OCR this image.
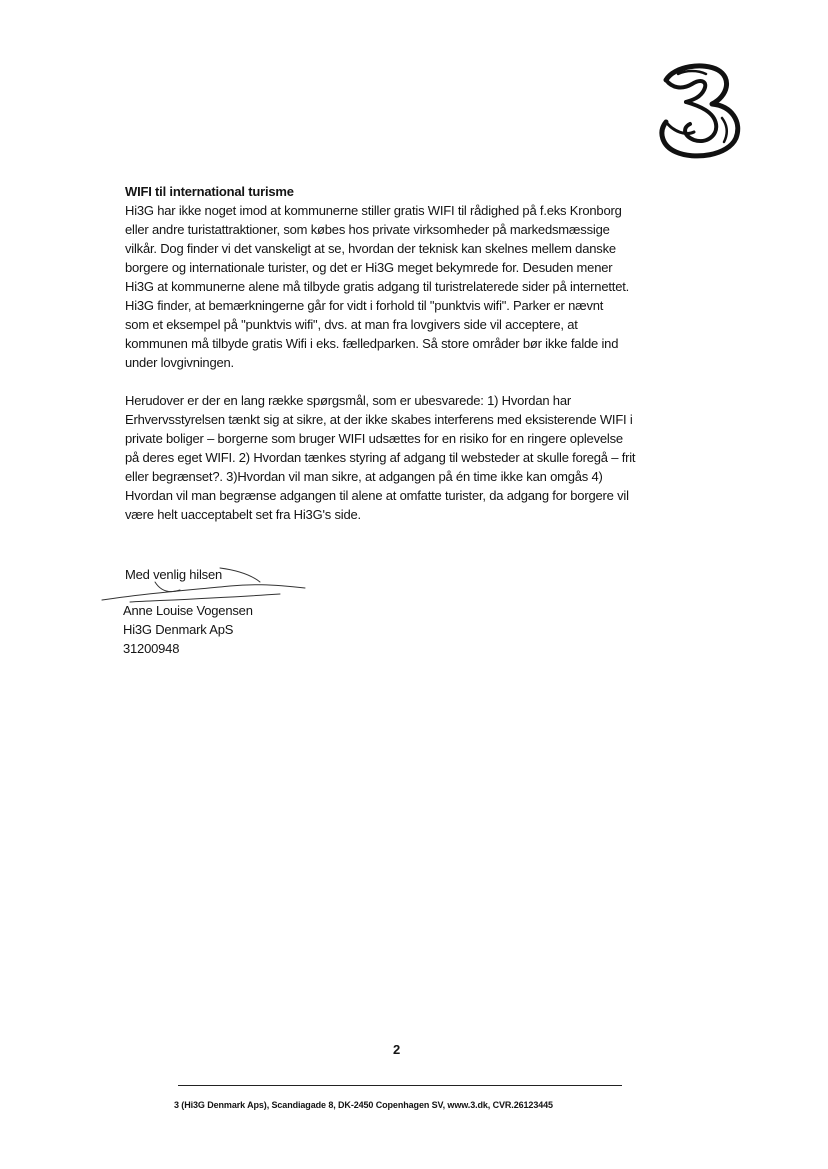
WIFI til international turisme

Hi3G har ikke noget imod at kommunerne stiller gratis WIFI til rådighed på f.eks Kronborg
eller andre turistattraktioner, som købes hos private virksomheder på markedsmæssige
vilkår. Dog finder vi det vanskeligt at se, hvordan der teknisk kan skelnes mellem danske
borgere og internationale turister, og det er Hi3G meget bekymrede for. Desuden mener
Hi3G at kommunerne alene må tilbyde gratis adgang til turistrelaterede sider på internettet.
Hi3G finder, at bemærkningerne går for vidt i forhold til "punktvis wifi". Parker er nævnt
som et eksempel på "punktvis wifi", dvs. at man fra lovgivers side vil acceptere, at
kommunen må tilbyde gratis Wifi i eks. fælledparken. Så store områder bør ikke falde ind
under lovgivningen.

Herudover er der en lang række spørgsmål, som er ubesvarede: 1) Hvordan har
Erhvervsstyrelsen tænkt sig at sikre, at der ikke skabes interferens med eksisterende WIFI i
private boliger – borgerne som bruger WIFI udsættes for en risiko for en ringere oplevelse
på deres eget WIFI. 2) Hvordan tænkes styring af adgang til websteder at skulle foregå – frit
eller begrænset?. 3)Hvordan vil man sikre, at adgangen på én time ikke kan omgås 4)
Hvordan vil man begrænse adgangen til alene at omfatte turister, da adgang for borgere vil
være helt uacceptabelt set fra Hi3G's side.

Med venlig hilsen
Anne Louise Vogensen
Hi3G Denmark ApS
31200948
2
3 (Hi3G Denmark Aps), Scandiagade 8, DK-2450 Copenhagen SV, www.3.dk, CVR.26123445
